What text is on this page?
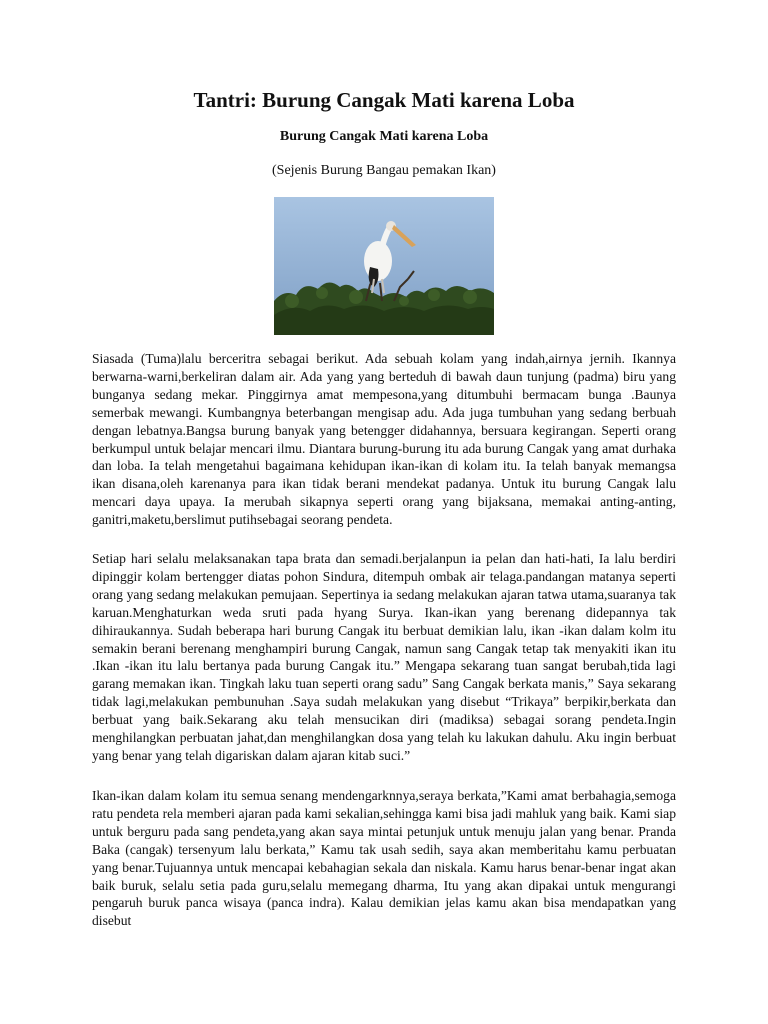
Tantri: Burung Cangak Mati karena Loba
Burung Cangak Mati karena Loba
(Sejenis Burung Bangau pemakan Ikan)

Siasada (Tuma)lalu berceritra sebagai berikut. Ada sebuah kolam yang indah,airnya jernih. Ikannya berwarna-warni,berkeliran dalam air. Ada yang yang berteduh di bawah daun tunjung (padma) biru yang bunganya sedang mekar. Pinggirnya amat mempesona,yang ditumbuhi bermacam bunga .Baunya semerbak mewangi. Kumbangnya beterbangan mengisap adu. Ada juga tumbuhan yang sedang berbuah dengan lebatnya.Bangsa burung banyak yang betengger didahannya, bersuara kegirangan. Seperti orang berkumpul untuk belajar mencari ilmu. Diantara burung-burung itu ada burung Cangak yang amat durhaka dan loba. Ia telah mengetahui bagaimana kehidupan ikan-ikan di kolam itu. Ia telah banyak memangsa ikan disana,oleh karenanya para ikan tidak berani mendekat padanya. Untuk itu burung Cangak lalu mencari daya upaya. Ia merubah sikapnya seperti orang yang bijaksana, memakai anting-anting, ganitri,maketu,berslimut putihsebagai seorang pendeta.

Setiap hari selalu melaksanakan tapa brata dan semadi.berjalanpun ia pelan dan hati-hati, Ia lalu berdiri dipinggir kolam bertengger diatas pohon Sindura, ditempuh ombak air telaga.pandangan matanya seperti orang yang sedang melakukan pemujaan. Sepertinya ia sedang melakukan ajaran tatwa utama,suaranya tak karuan.Menghaturkan weda sruti pada hyang Surya. Ikan-ikan yang berenang didepannya tak dihiraukannya. Sudah beberapa hari burung Cangak itu berbuat demikian lalu, ikan -ikan dalam kolm itu semakin berani berenang menghampiri burung Cangak, namun sang Cangak tetap tak menyakiti ikan itu .Ikan -ikan itu lalu bertanya pada burung Cangak itu.” Mengapa sekarang tuan sangat berubah,tida lagi garang memakan ikan. Tingkah laku tuan seperti orang sadu” Sang Cangak berkata manis,” Saya sekarang tidak lagi,melakukan pembunuhan .Saya sudah melakukan yang disebut “Trikaya” berpikir,berkata dan berbuat yang baik.Sekarang aku telah mensucikan diri (madiksa) sebagai sorang pendeta.Ingin menghilangkan perbuatan jahat,dan menghilangkan dosa yang telah ku lakukan dahulu. Aku ingin berbuat yang benar yang telah digariskan dalam ajaran kitab suci.”

Ikan-ikan dalam kolam itu semua senang mendengarknnya,seraya berkata,”Kami amat berbahagia,semoga ratu pendeta rela memberi ajaran pada kami sekalian,sehingga kami bisa jadi mahluk yang baik. Kami siap untuk berguru pada sang pendeta,yang akan saya mintai petunjuk untuk menuju jalan yang benar. Pranda Baka (cangak) tersenyum lalu berkata,” Kamu tak usah sedih, saya akan memberitahu kamu perbuatan yang benar.Tujuannya untuk mencapai kebahagian sekala dan niskala. Kamu harus benar-benar ingat akan baik buruk, selalu setia pada guru,selalu memegang dharma, Itu yang akan dipakai untuk mengurangi pengaruh buruk panca wisaya (panca indra). Kalau demikian jelas kamu akan bisa mendapatkan yang disebut
